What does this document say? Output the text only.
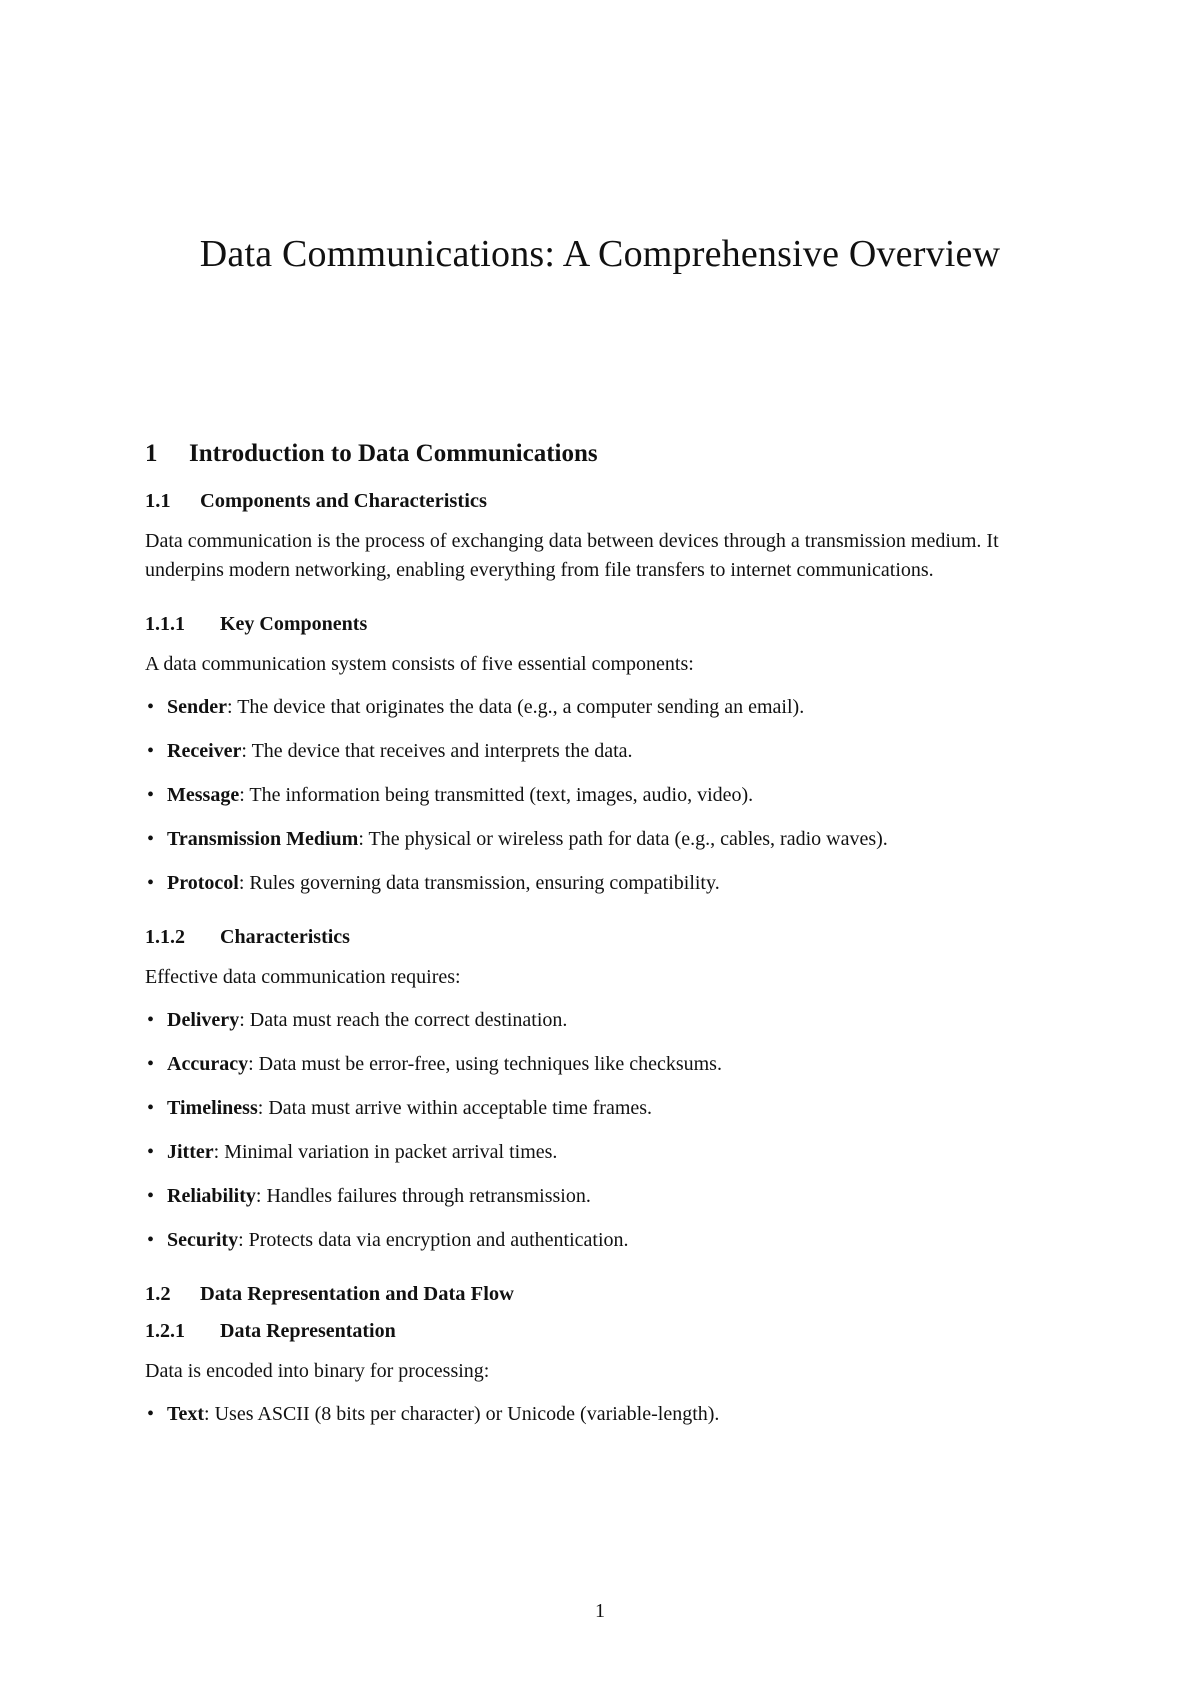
Data Communications: A Comprehensive Overview
1 Introduction to Data Communications
1.1 Components and Characteristics

Data communication is the process of exchanging data between devices through a transmission medium. It underpins modern networking, enabling everything from file transfers to internet communications.

1.1.1 Key Components

A data communication system consists of five essential components:

• Sender: The device that originates the data (e.g., a computer sending an email).
• Receiver: The device that receives and interprets the data.
• Message: The information being transmitted (text, images, audio, video).
• Transmission Medium: The physical or wireless path for data (e.g., cables, radio waves).
• Protocol: Rules governing data transmission, ensuring compatibility.
1.1.2 Characteristics

Effective data communication requires:

• Delivery: Data must reach the correct destination.
• Accuracy: Data must be error-free, using techniques like checksums.
• Timeliness: Data must arrive within acceptable time frames.
• Jitter: Minimal variation in packet arrival times.
• Reliability: Handles failures through retransmission.
• Security: Protects data via encryption and authentication.
1.2 Data Representation and Data Flow
1.2.1 Data Representation

Data is encoded into binary for processing:

• Text: Uses ASCII (8 bits per character) or Unicode (variable-length).
1
